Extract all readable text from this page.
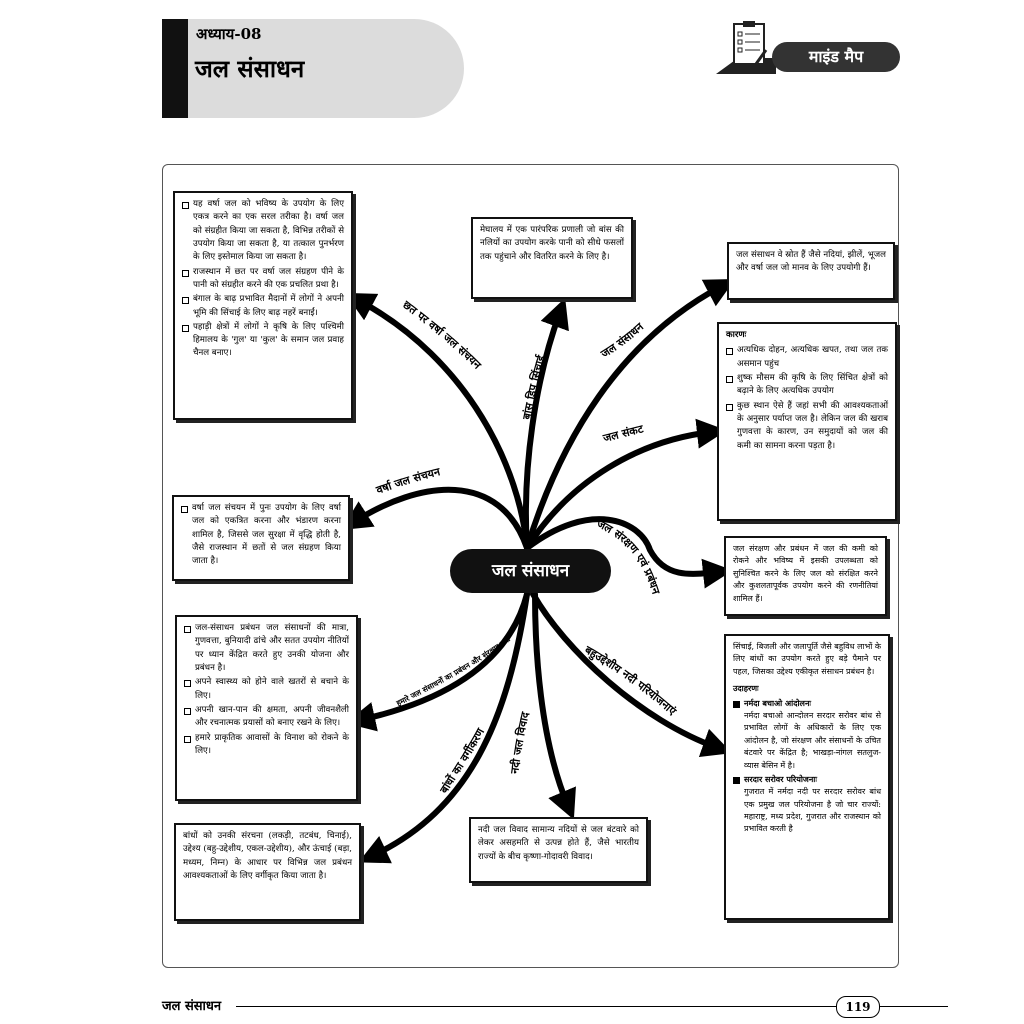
अध्याय-08
जल संसाधन	माइंड मैप
छत पर वर्षा जल संचयन
बांस ड्रिप सिंचाई	जल संसाधन
जल संकट
जल संरक्षण एवं प्रबंधन
बहुउद्देशीय नदी परियोजनाएं
नदी जल विवाद
बांधों का वर्गीकरण
हमारे जल संसाधनों का प्रबंधन और संरक्षण क्यों
वर्षा जल संचयन
जल संसाधन
यह वर्षा जल को भविष्य के उपयोग के लिए एकत्र करने का एक सरल तरीका है। वर्षा जल को संग्रहीत किया जा सकता है, विभिन्न तरीकों से उपयोग किया जा सकता है, या तत्काल पुनर्भरण के लिए इस्तेमाल किया जा सकता है।
राजस्थान में छत पर वर्षा जल संग्रहण पीने के पानी को संग्रहीत करने की एक प्रचलित प्रथा है।
बंगाल के बाढ़ प्रभावित मैदानों में लोगों ने अपनी भूमि की सिंचाई के लिए बाढ़ नहरें बनाईं।
पहाड़ी क्षेत्रों में लोगों ने कृषि के लिए पश्चिमी हिमालय के 'गुल' या 'कुल' के समान जल प्रवाह चैनल बनाए।
मेघालय में एक पारंपरिक प्रणाली जो बांस की नलियों का उपयोग करके पानी को सीधे फसलों तक पहुंचाने और वितरित करने के लिए है।	जल संसाधन वे स्रोत हैं जैसे नदियां, झीलें, भूजल और वर्षा जल जो मानव के लिए उपयोगी हैं।
कारणः
अत्यधिक दोहन, अत्यधिक खपत, तथा जल तक असमान पहुंच
शुष्क मौसम की कृषि के लिए सिंचित क्षेत्रों को बढ़ाने के लिए अत्यधिक उपयोग
कुछ स्थान ऐसे हैं जहां सभी की आवश्यकताओं के अनुसार पर्याप्त जल है। लेकिन जल की खराब गुणवत्ता के कारण, उन समुदायों को जल की कमी का सामना करना पड़ता है।
वर्षा जल संचयन में पुनः उपयोग के लिए वर्षा जल को एकत्रित करना और भंडारण करना शामिल है, जिससे जल सुरक्षा में वृद्धि होती है, जैसे राजस्थान में छतों से जल संग्रहण किया जाता है।
जल संरक्षण और प्रबंधन में जल की कमी को रोकने और भविष्य में इसकी उपलब्धता को सुनिश्चित करने के लिए जल को संरक्षित करने और कुशलतापूर्वक उपयोग करने की रणनीतियां शामिल हैं।
जल-संसाधन प्रबंधन जल संसाधनों की मात्रा, गुणवत्ता, बुनियादी ढांचे और सतत उपयोग नीतियों पर ध्यान केंद्रित करते हुए उनकी योजना और प्रबंधन है।
अपने स्वास्थ्य को होने वाले खतरों से बचाने के लिए।
अपनी खान-पान की क्षमता, अपनी जीवनशैली और रचनात्मक प्रयासों को बनाए रखने के लिए।
हमारे प्राकृतिक आवासों के विनाश को रोकने के लिए।
सिंचाई, बिजली और जलापूर्ति जैसे बहुविध लाभों के लिए बांधों का उपयोग करते हुए बड़े पैमाने पर पहल, जिसका उद्देश्य एकीकृत संसाधन प्रबंधन है।
उदाहरणः
नर्मदा बचाओ आंदोलनः
नर्मदा बचाओ आन्दोलन सरदार सरोवर बांध से प्रभावित लोगों के अधिकारों के लिए एक आंदोलन है, जो संरक्षण और संसाधनों के उचित बंटवारे पर केंद्रित है; भाखड़ा-नांगल सतलुज-व्यास बेसिन में है।
सरदार सरोवर परियोजनाः
गुजरात में नर्मदा नदी पर सरदार सरोवर बांध एक प्रमुख जल परियोजना है जो चार राज्यों: महाराष्ट्र, मध्य प्रदेश, गुजरात और राजस्थान को प्रभावित करती है
बांधों को उनकी संरचना (लकड़ी, तटबंध, चिनाई), उद्देश्य (बहु-उद्देशीय, एकल-उद्देशीय), और ऊंचाई (बड़ा, मध्यम, निम्न) के आधार पर विभिन्न जल प्रबंधन आवश्यकताओं के लिए वर्गीकृत किया जाता है।
नदी जल विवाद सामान्य नदियों से जल बंटवारे को लेकर असहमति से उत्पन्न होते हैं, जैसे भारतीय राज्यों के बीच कृष्णा-गोदावरी विवाद।
जल संसाधन	119
